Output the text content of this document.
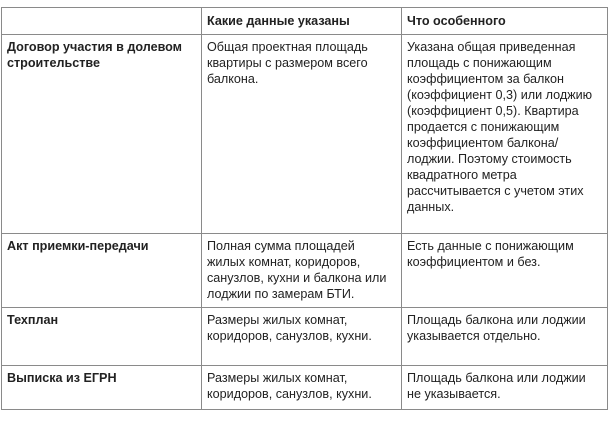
	Какие данные указаны	Что особенного
Договор участия в долевом строительстве	Общая проектная площадь квартиры с размером всего балкона.	Указана общая приведенная площадь с понижающим коэффициентом за балкон (коэффициент 0,3) или лоджию (коэффициент 0,5). Квартира продается с понижающим коэффициентом балкона/лоджии. Поэтому стоимость квадратного метра рассчитывается с учетом этих данных.
Акт приемки-передачи	Полная сумма площадей жилых комнат, коридоров, санузлов, кухни и балкона или лоджии по замерам БТИ.	Есть данные с понижающим коэффициентом и без.
Техплан	Размеры жилых комнат, коридоров, санузлов, кухни.	Площадь балкона или лоджии указывается отдельно.
Выписка из ЕГРН	Размеры жилых комнат, коридоров, санузлов, кухни.	Площадь балкона или лоджии не указывается.
